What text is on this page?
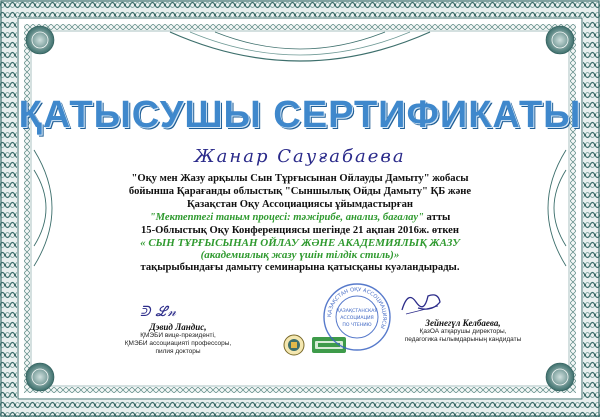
ҚАТЫСУШЫ СЕРТИФИКАТЫ
Жанар Сауғабаева
"Оқу мен Жазу арқылы Сын Тұрғысынан Ойлауды Дамыту" жобасы
бойынша Қарағанды облыстық "Сыншылық Ойды Дамыту" ҚБ және
Қазақстан Оқу Ассоциациясы ұйымдастырған
"Мектептегі таным процесі: тәжірибе, анализ, бағалау" атты
15-Облыстық Оқу Конференциясы шегінде 21 ақпан 2016ж. өткен
« СЫН ТҰРҒЫСЫНАН ОЙЛАУ ЖӘНЕ АКАДЕМИЯЛЫҚ ЖАЗУ
(академиялық жазу үшін тілдік стиль)»
тақырыбындағы дамыту семинарына қатысқаны куәландырады.
ᕲ ℒ𝓃
Дэвид Ландис,
ҚМЭБИ вице-президенті,
ҚМЭБИ ассоциацияті профессоры,
пилия докторы
ҚАЗАҚСТАН ОҚУ АССОЦИАЦИЯСЫ
ҚАЗАҚСТАНСКАЯ
АССОЦИАЦИЯ
ПО ЧТЕНИЮ	Зейнегүл Келбаева,
ҚазОА атқарушы директоры,
педагогика ғылымдарының кандидаты
